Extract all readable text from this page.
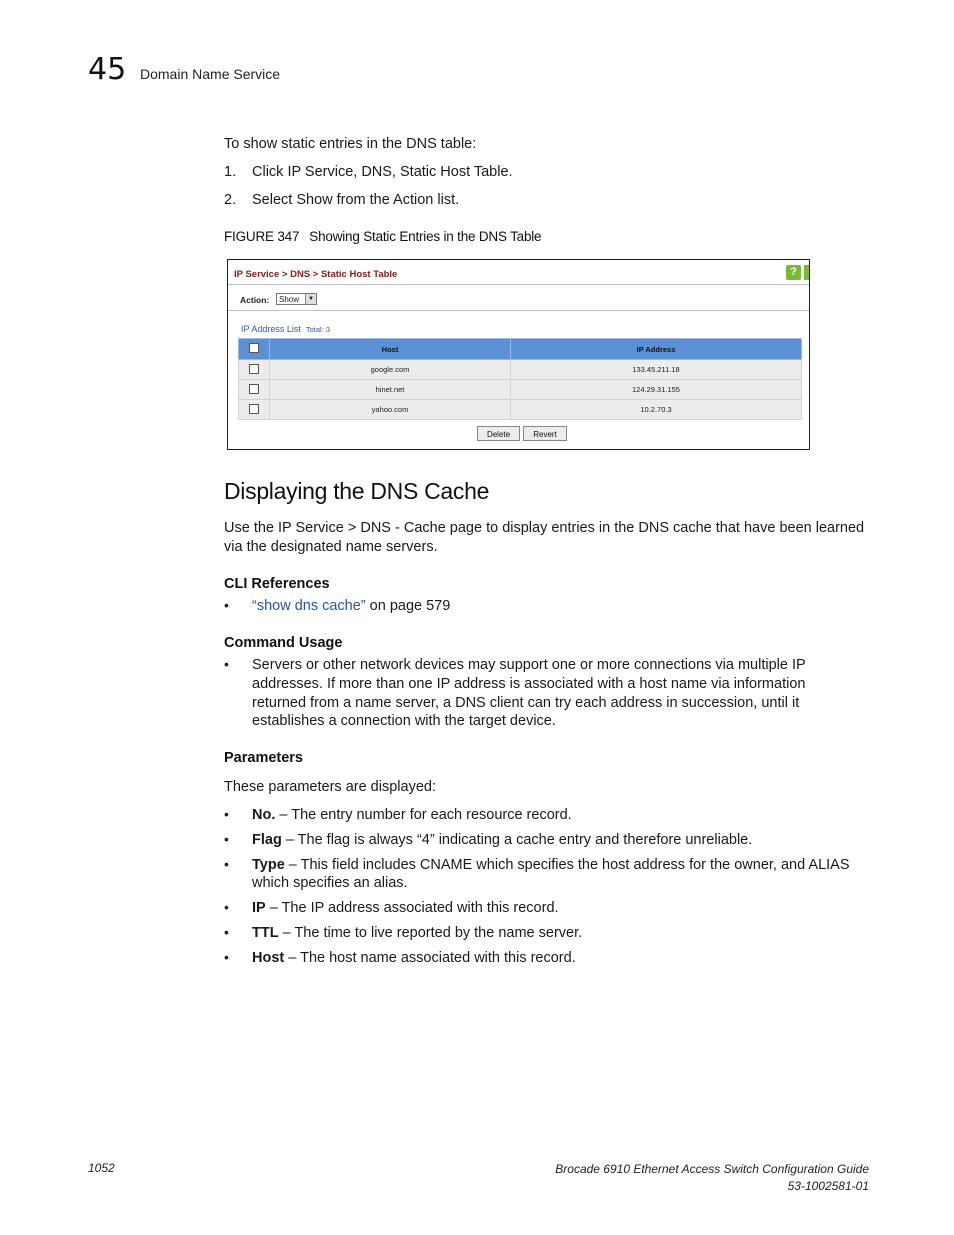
45 Domain Name Service
To show static entries in the DNS table:
1. Click IP Service, DNS, Static Host Table.
2. Select Show from the Action list.
FIGURE 347 Showing Static Entries in the DNS Table
IP Service > DNS > Static Host Table	?
Action:	Show	▼
IP Address List Total: 3
	Host	IP Address
	google.com	133.45.211.18
	hinet.net	124.29.31.155
	yahoo.com	10.2.70.3
Delete	Revert
Displaying the DNS Cache
Use the IP Service > DNS - Cache page to display entries in the DNS cache that have been learned
via the designated name servers.
CLI References
• “show dns cache” on page 579
Command Usage
• Servers or other network devices may support one or more connections via multiple IP
addresses. If more than one IP address is associated with a host name via information
returned from a name server, a DNS client can try each address in succession, until it
establishes a connection with the target device.
Parameters
These parameters are displayed:
• No. – The entry number for each resource record.
• Flag – The flag is always “4” indicating a cache entry and therefore unreliable.
• Type – This field includes CNAME which specifies the host address for the owner, and ALIAS
which specifies an alias.
• IP – The IP address associated with this record.
• TTL – The time to live reported by the name server.
• Host – The host name associated with this record.
1052	Brocade 6910 Ethernet Access Switch Configuration Guide
53-1002581-01
